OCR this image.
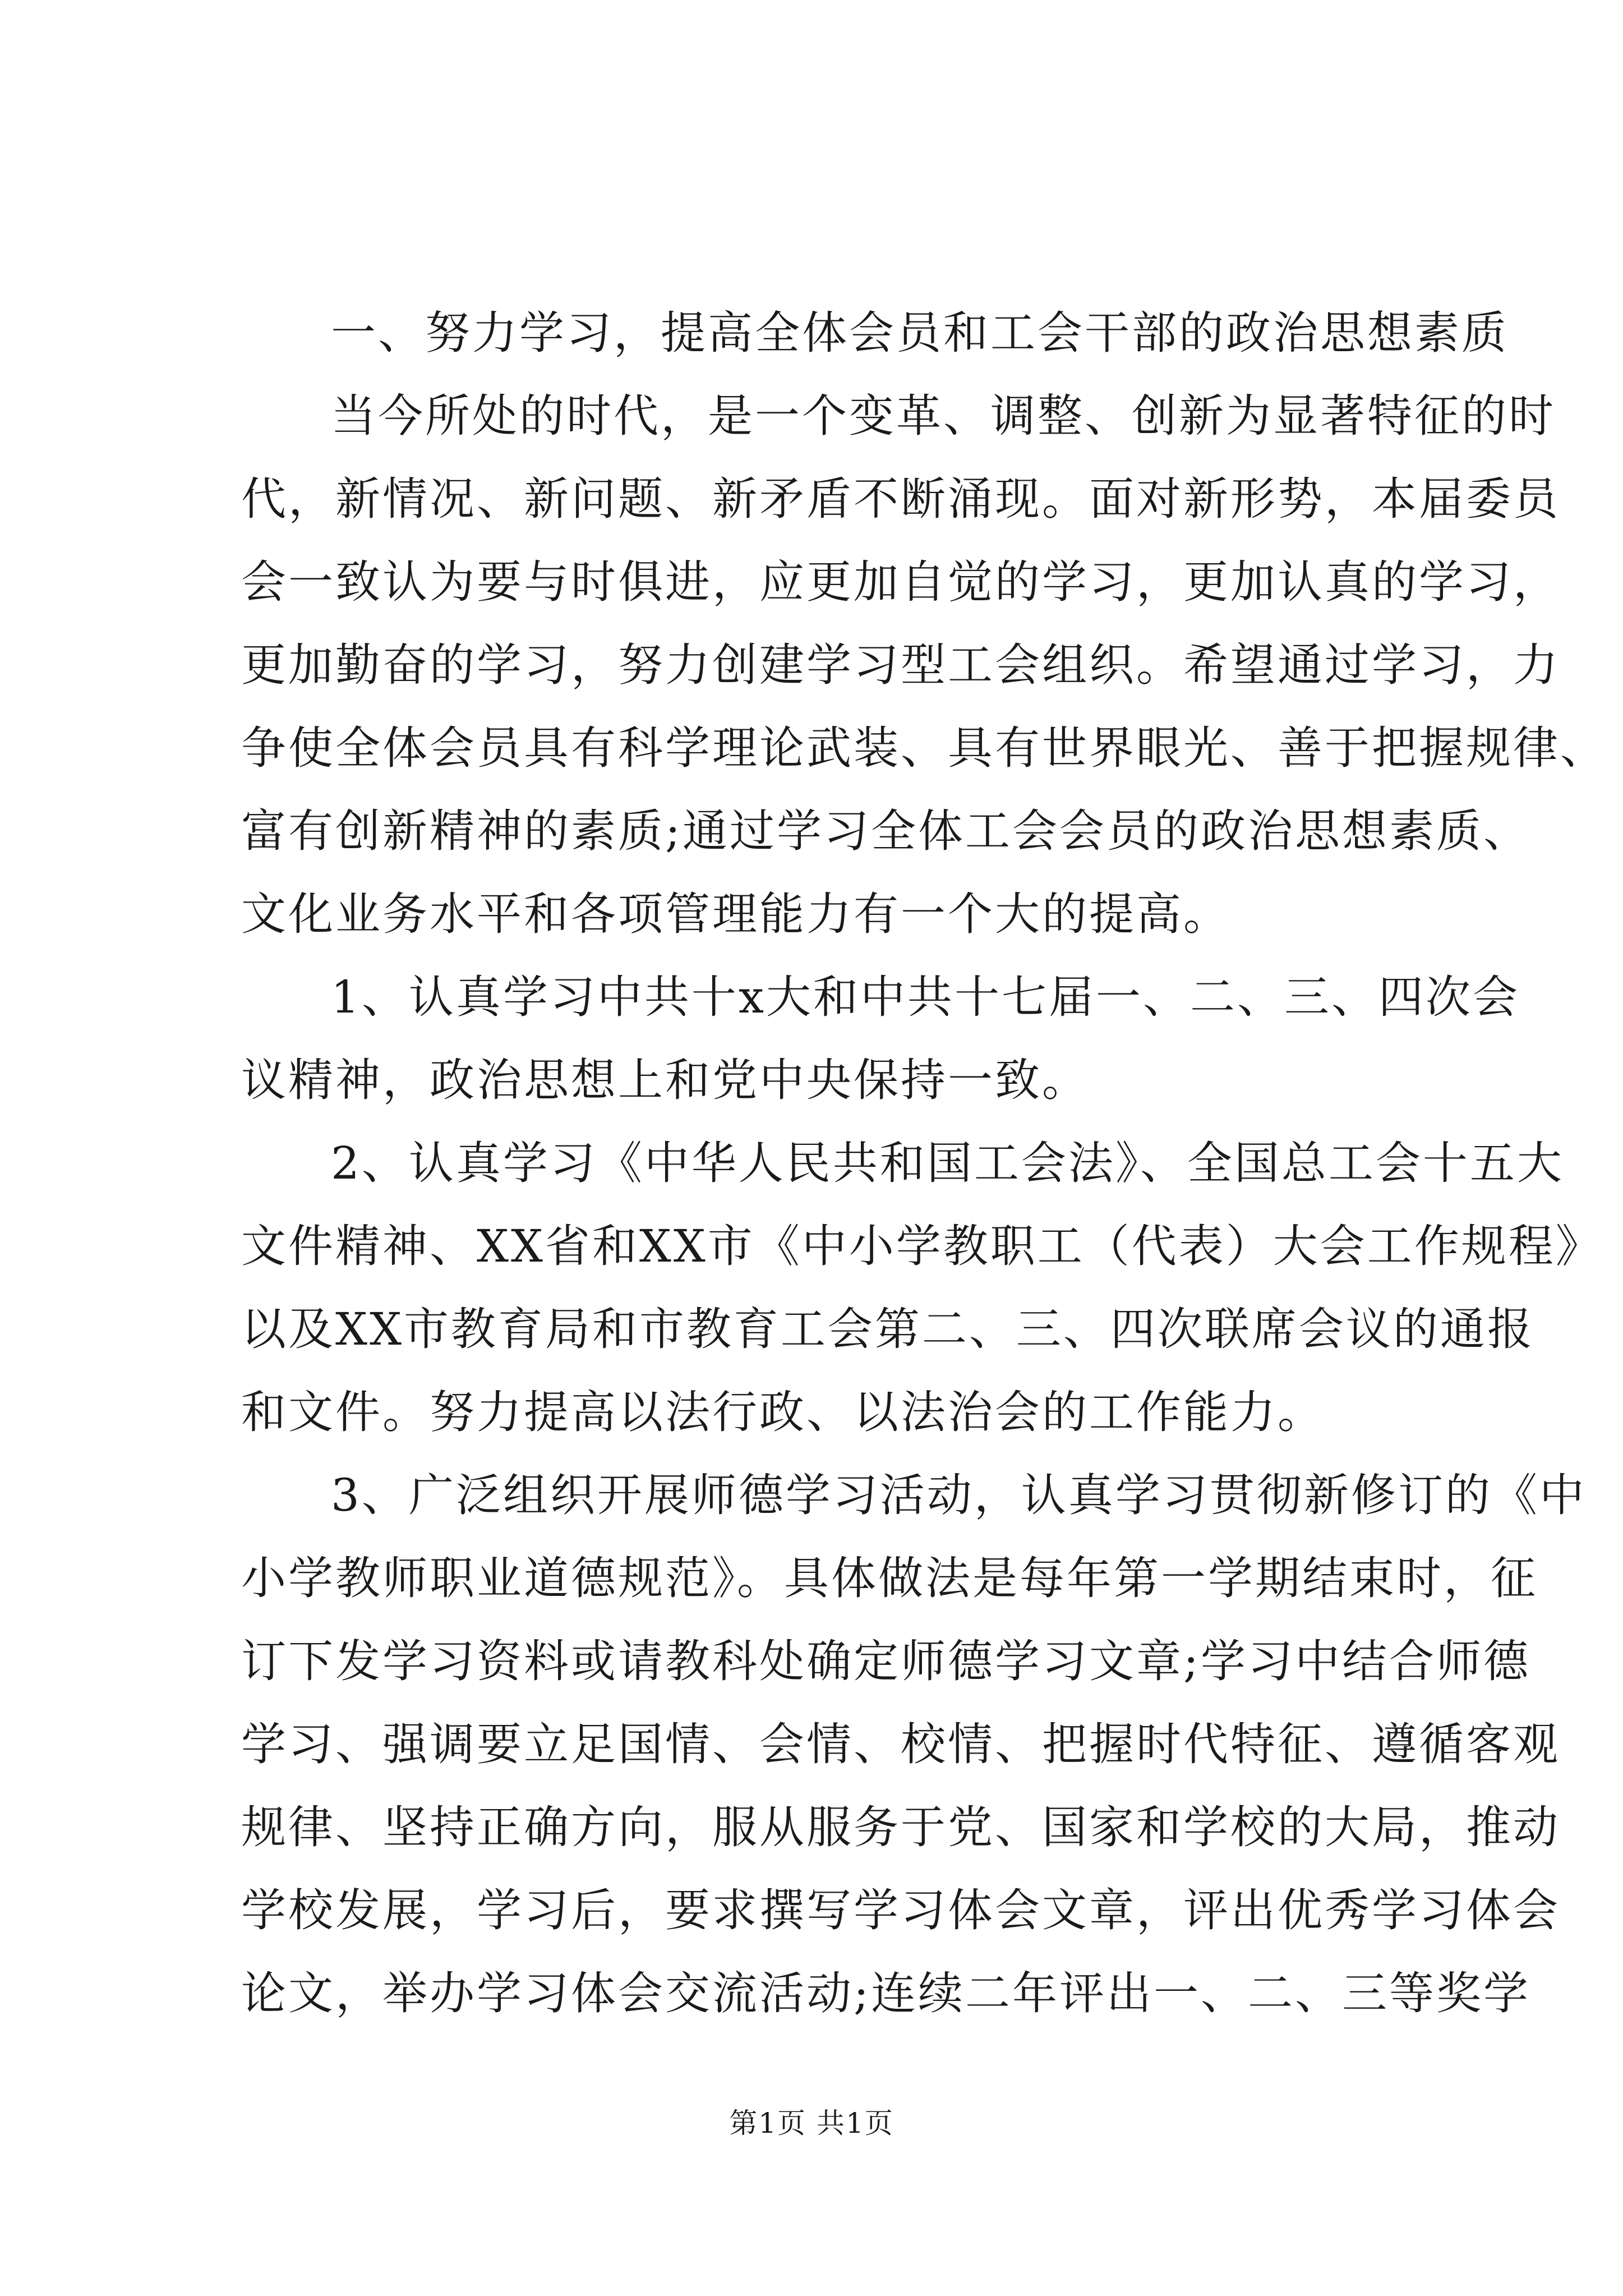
一、努力学习，提高全体会员和工会干部的政治思想素质
当今所处的时代，是一个变革、调整、创新为显著特征的时
代，新情况、新问题、新矛盾不断涌现。面对新形势，本届委员
会一致认为要与时俱进，应更加自觉的学习，更加认真的学习，
更加勤奋的学习，努力创建学习型工会组织。希望通过学习，力
争使全体会员具有科学理论武装、具有世界眼光、善于把握规律、
富有创新精神的素质;通过学习全体工会会员的政治思想素质、
文化业务水平和各项管理能力有一个大的提高。
1、认真学习中共十x大和中共十七届一、二、三、四次会
议精神，政治思想上和党中央保持一致。
2、认真学习《中华人民共和国工会法》、全国总工会十五大
文件精神、XX省和XX市《中小学教职工（代表）大会工作规程》
以及XX市教育局和市教育工会第二、三、四次联席会议的通报
和文件。努力提高以法行政、以法治会的工作能力。
3、广泛组织开展师德学习活动，认真学习贯彻新修订的《中
小学教师职业道德规范》。具体做法是每年第一学期结束时，征
订下发学习资料或请教科处确定师德学习文章;学习中结合师德
学习、强调要立足国情、会情、校情、把握时代特征、遵循客观
规律、坚持正确方向，服从服务于党、国家和学校的大局，推动
学校发展，学习后，要求撰写学习体会文章，评出优秀学习体会
论文，举办学习体会交流活动;连续二年评出一、二、三等奖学
第1页 共1页
